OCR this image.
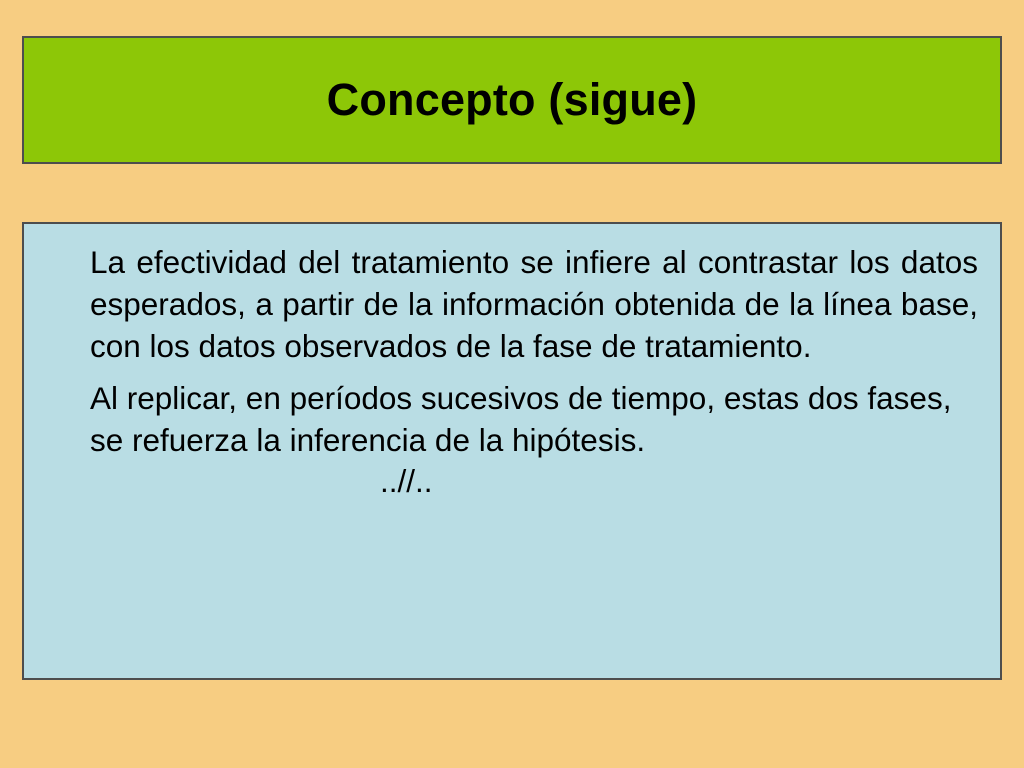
Concepto (sigue)

La efectividad del tratamiento se infiere al contrastar los datos esperados, a partir de la información obtenida de la línea base, con los datos observados de la fase de tratamiento.

Al replicar, en períodos sucesivos de tiempo, estas dos fases, se refuerza la inferencia de la hipótesis...//..
